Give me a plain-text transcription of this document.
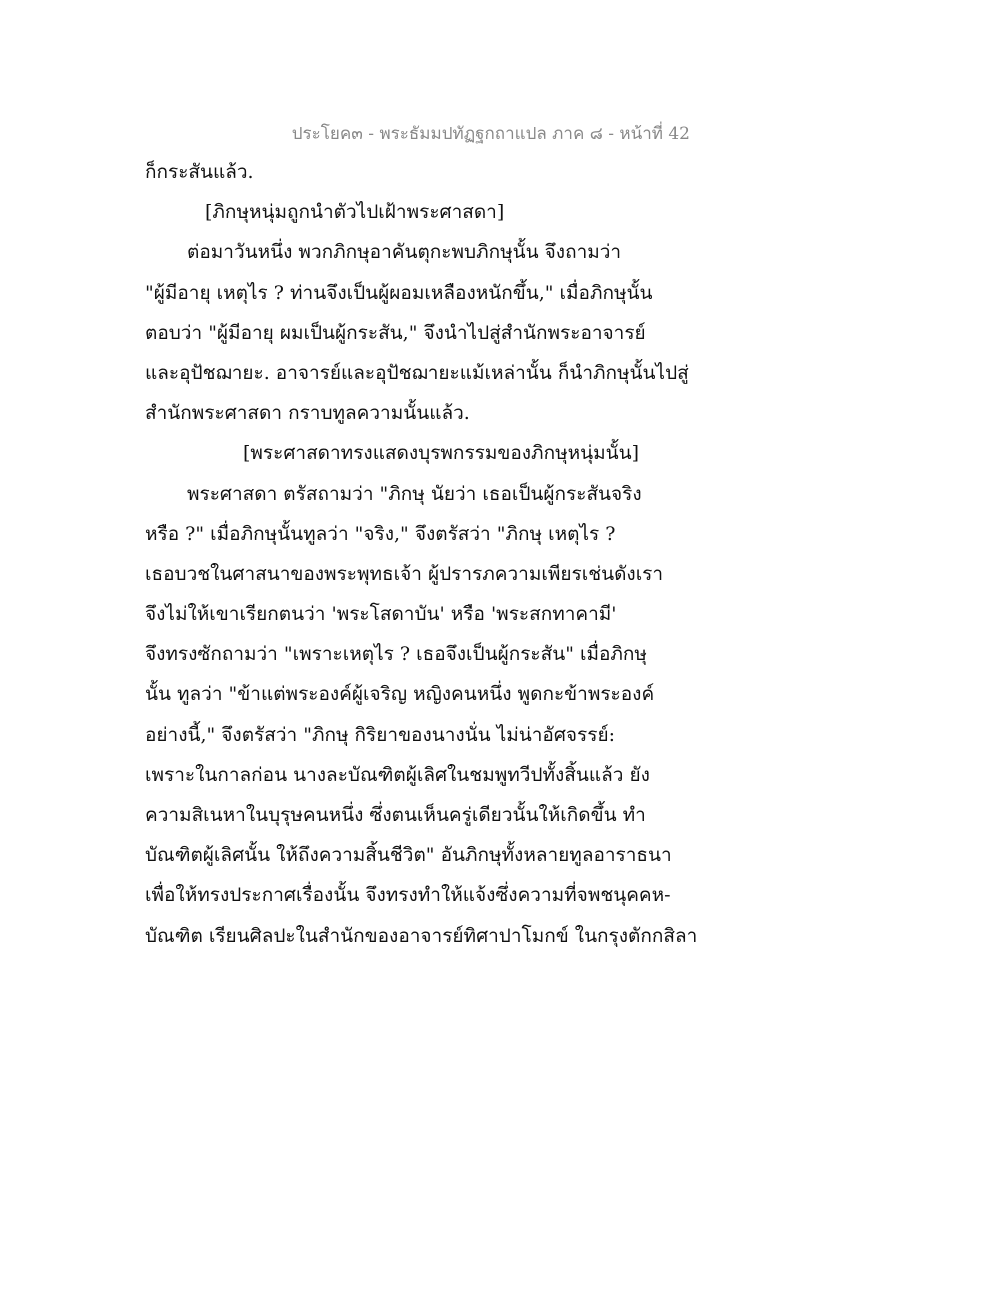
ประโยค๓ - พระธัมมปทัฏฐกถาแปล ภาค ๘ - หน้าที่ 42
ก็กระสันแล้ว.
[ภิกษุหนุ่มถูกนำตัวไปเฝ้าพระศาสดา]
ต่อมาวันหนึ่ง พวกภิกษุอาคันตุกะพบภิกษุนั้น จึงถามว่า
"ผู้มีอายุ เหตุไร ? ท่านจึงเป็นผู้ผอมเหลืองหนักขึ้น," เมื่อภิกษุนั้น
ตอบว่า "ผู้มีอายุ ผมเป็นผู้กระสัน," จึงนำไปสู่สำนักพระอาจารย์
และอุปัชฌายะ. อาจารย์และอุปัชฌายะแม้เหล่านั้น ก็นำภิกษุนั้นไปสู่
สำนักพระศาสดา กราบทูลความนั้นแล้ว.
[พระศาสดาทรงแสดงบุรพกรรมของภิกษุหนุ่มนั้น]
พระศาสดา ตรัสถามว่า "ภิกษุ นัยว่า เธอเป็นผู้กระสันจริง
หรือ ?" เมื่อภิกษุนั้นทูลว่า "จริง," จึงตรัสว่า "ภิกษุ เหตุไร ?
เธอบวชในศาสนาของพระพุทธเจ้า ผู้ปรารภความเพียรเช่นดังเรา
จึงไม่ให้เขาเรียกตนว่า 'พระโสดาบัน' หรือ 'พระสกทาคามี'
จึงทรงซักถามว่า "เพราะเหตุไร ? เธอจึงเป็นผู้กระสัน" เมื่อภิกษุ
นั้น ทูลว่า "ข้าแต่พระองค์ผู้เจริญ หญิงคนหนึ่ง พูดกะข้าพระองค์
อย่างนี้," จึงตรัสว่า "ภิกษุ กิริยาของนางนั่น ไม่น่าอัศจรรย์:
เพราะในกาลก่อน นางละบัณฑิตผู้เลิศในชมพูทวีปทั้งสิ้นแล้ว ยัง
ความสิเนหาในบุรุษคนหนึ่ง ซึ่งตนเห็นครู่เดียวนั้นให้เกิดขึ้น ทำ
บัณฑิตผู้เลิศนั้น ให้ถึงความสิ้นชีวิต" อันภิกษุทั้งหลายทูลอาราธนา
เพื่อให้ทรงประกาศเรื่องนั้น จึงทรงทำให้แจ้งซึ่งความที่จพชนุคคห-
บัณฑิต เรียนศิลปะในสำนักของอาจารย์ทิศาปาโมกข์ ในกรุงตักกสิลา
